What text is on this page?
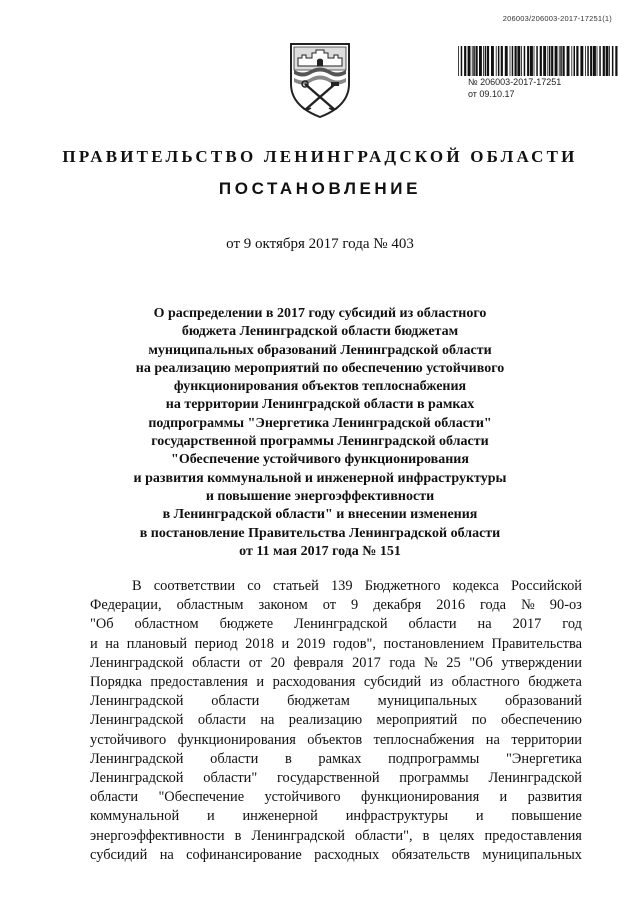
206003/206003-2017-17251(1)
№ 206003-2017-17251
от 09.10.17
ПРАВИТЕЛЬСТВО ЛЕНИНГРАДСКОЙ ОБЛАСТИ
ПОСТАНОВЛЕНИЕ
от 9 октября 2017 года № 403
О распределении в 2017 году субсидий из областного
бюджета Ленинградской области бюджетам
муниципальных образований Ленинградской области
на реализацию мероприятий по обеспечению устойчивого
функционирования объектов теплоснабжения
на территории Ленинградской области в рамках
подпрограммы "Энергетика Ленинградской области"
государственной программы Ленинградской области
"Обеспечение устойчивого функционирования
и развития коммунальной и инженерной инфраструктуры
и повышение энергоэффективности
в Ленинградской области" и внесении изменения
в постановление Правительства Ленинградской области
от 11 мая 2017 года № 151
В соответствии со статьей 139 Бюджетного кодекса Российской
Федерации, областным законом от 9 декабря 2016 года № 90-оз
"Об областном бюджете Ленинградской области на 2017 год
и на плановый период 2018 и 2019 годов", постановлением Правительства
Ленинградской области от 20 февраля 2017 года № 25 "Об утверждении
Порядка предоставления и расходования субсидий из областного бюджета
Ленинградской области бюджетам муниципальных образований
Ленинградской области на реализацию мероприятий по обеспечению
устойчивого функционирования объектов теплоснабжения на территории
Ленинградской области в рамках подпрограммы "Энергетика
Ленинградской области" государственной программы Ленинградской
области "Обеспечение устойчивого функционирования и развития
коммунальной и инженерной инфраструктуры и повышение
энергоэффективности в Ленинградской области", в целях предоставления
субсидий на софинансирование расходных обязательств муниципальных
